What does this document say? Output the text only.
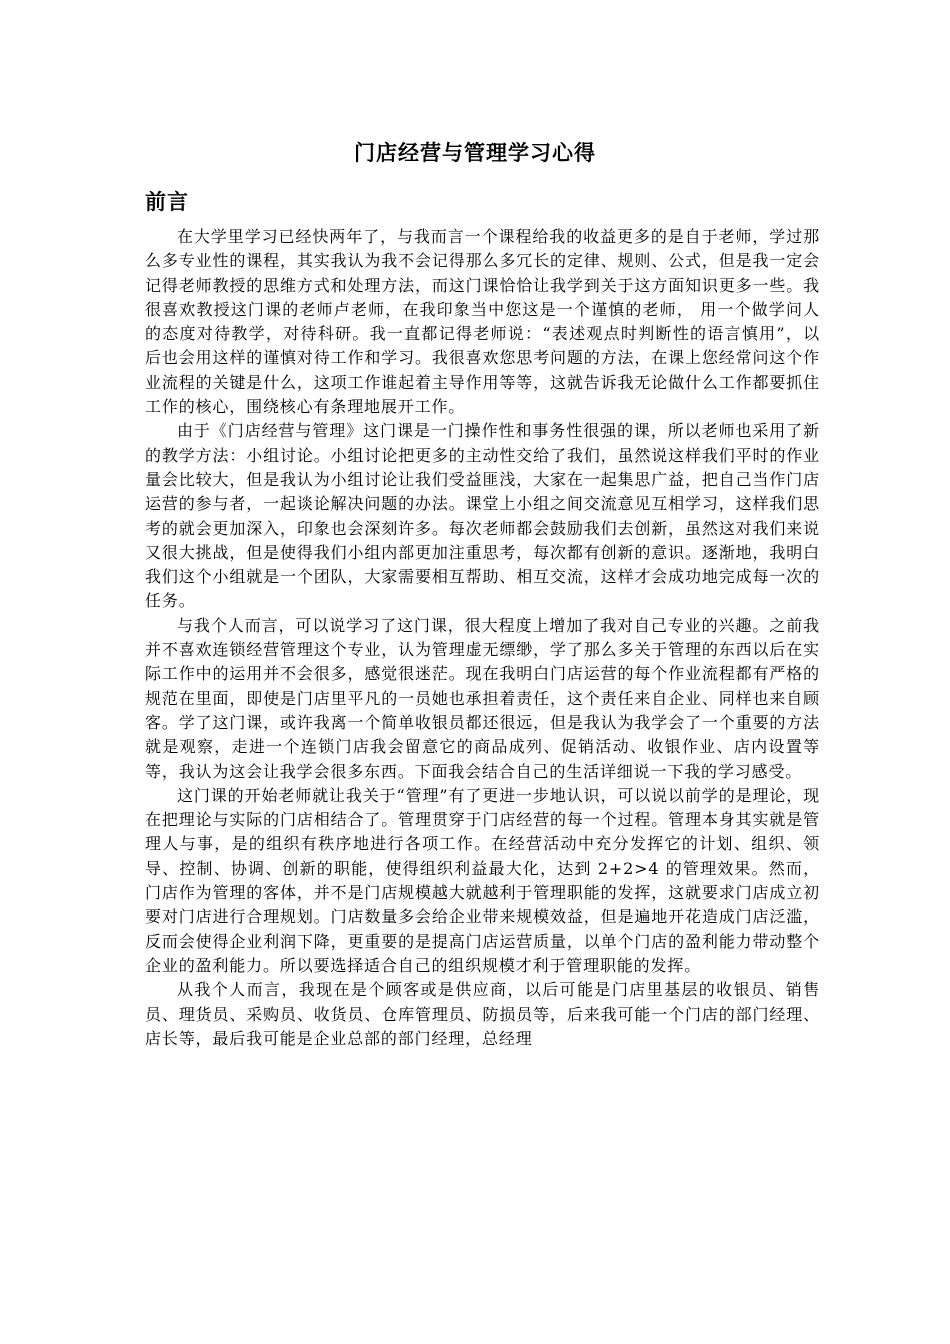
门店经营与管理学习心得
前言

在大学里学习已经快两年了，与我而言一个课程给我的收益更多的是自于老师，学过那么多专业性的课程，其实我认为我不会记得那么多冗长的定律、规则、公式，但是我一定会记得老师教授的思维方式和处理方法，而这门课恰恰让我学到关于这方面知识更多一些。我很喜欢教授这门课的老师卢老师，在我印象当中您这是一个谨慎的老师， 用一个做学问人的态度对待教学，对待科研。我一直都记得老师说：“表述观点时判断性的语言慎用”，以后也会用这样的谨慎对待工作和学习。我很喜欢您思考问题的方法，在课上您经常问这个作业流程的关键是什么，这项工作谁起着主导作用等等，这就告诉我无论做什么工作都要抓住工作的核心，围绕核心有条理地展开工作。

由于《门店经营与管理》这门课是一门操作性和事务性很强的课，所以老师也采用了新的教学方法：小组讨论。小组讨论把更多的主动性交给了我们，虽然说这样我们平时的作业量会比较大，但是我认为小组讨论让我们受益匪浅，大家在一起集思广益，把自己当作门店运营的参与者，一起谈论解决问题的办法。课堂上小组之间交流意见互相学习，这样我们思考的就会更加深入，印象也会深刻许多。每次老师都会鼓励我们去创新，虽然这对我们来说又很大挑战，但是使得我们小组内部更加注重思考，每次都有创新的意识。逐渐地，我明白我们这个小组就是一个团队，大家需要相互帮助、相互交流，这样才会成功地完成每一次的任务。

与我个人而言，可以说学习了这门课，很大程度上增加了我对自己专业的兴趣。之前我并不喜欢连锁经营管理这个专业，认为管理虚无缥缈，学了那么多关于管理的东西以后在实际工作中的运用并不会很多，感觉很迷茫。现在我明白门店运营的每个作业流程都有严格的规范在里面，即使是门店里平凡的一员她也承担着责任，这个责任来自企业、同样也来自顾客。学了这门课，或许我离一个简单收银员都还很远，但是我认为我学会了一个重要的方法就是观察，走进一个连锁门店我会留意它的商品成列、促销活动、收银作业、店内设置等等，我认为这会让我学会很多东西。下面我会结合自己的生活详细说一下我的学习感受。

这门课的开始老师就让我关于“管理”有了更进一步地认识，可以说以前学的是理论，现在把理论与实际的门店相结合了。管理贯穿于门店经营的每一个过程。管理本身其实就是管理人与事，是的组织有秩序地进行各项工作。在经营活动中充分发挥它的计划、组织、领导、控制、协调、创新的职能，使得组织利益最大化，达到 2+2>4 的管理效果。然而，门店作为管理的客体，并不是门店规模越大就越利于管理职能的发挥，这就要求门店成立初要对门店进行合理规划。门店数量多会给企业带来规模效益，但是遍地开花造成门店泛滥，反而会使得企业利润下降，更重要的是提高门店运营质量，以单个门店的盈利能力带动整个企业的盈利能力。所以要选择适合自己的组织规模才利于管理职能的发挥。

从我个人而言，我现在是个顾客或是供应商，以后可能是门店里基层的收银员、销售员、理货员、采购员、收货员、仓库管理员、防损员等，后来我可能一个门店的部门经理、店长等，最后我可能是企业总部的部门经理，总经理
